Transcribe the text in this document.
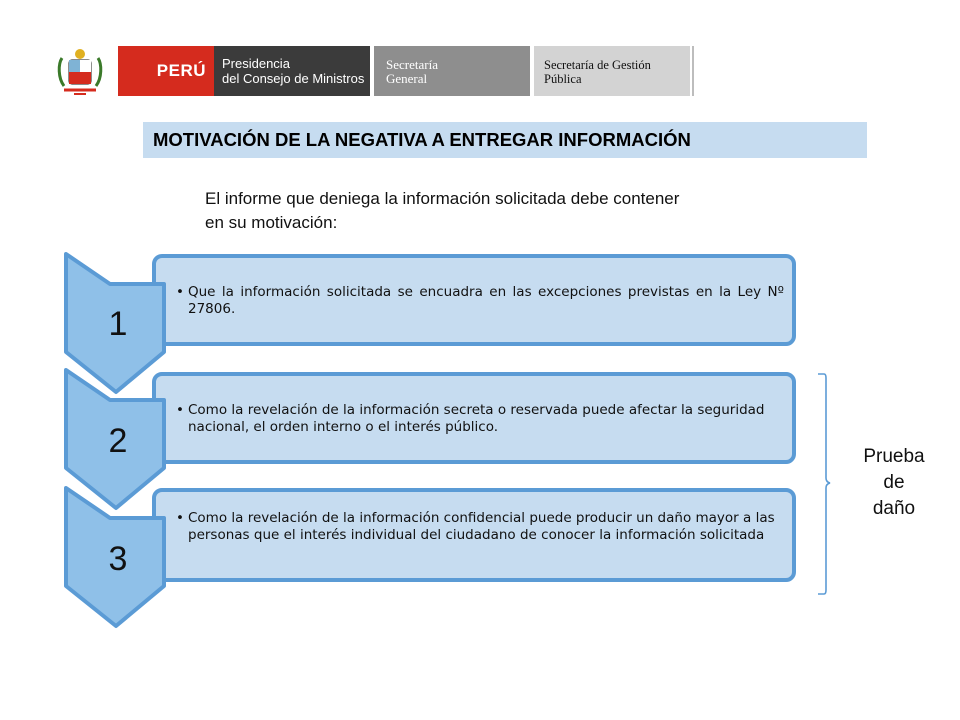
PERÚ Presidencia
del Consejo de Ministros
Secretaría
General
Secretaría de Gestión
Pública
MOTIVACIÓN DE LA NEGATIVA A ENTREGAR INFORMACIÓN
El informe que deniega la información solicitada debe contener
en su motivación:
• Que la información solicitada se encuadra en las excepciones previstas en la Ley Nº 27806.
1
• Como la revelación de la información secreta o reservada puede afectar la seguridad nacional, el orden interno o el interés público.
2
• Como la revelación de la información confidencial puede producir un daño mayor a las personas que el interés individual del ciudadano de conocer la información solicitada
3
Prueba
de
daño
